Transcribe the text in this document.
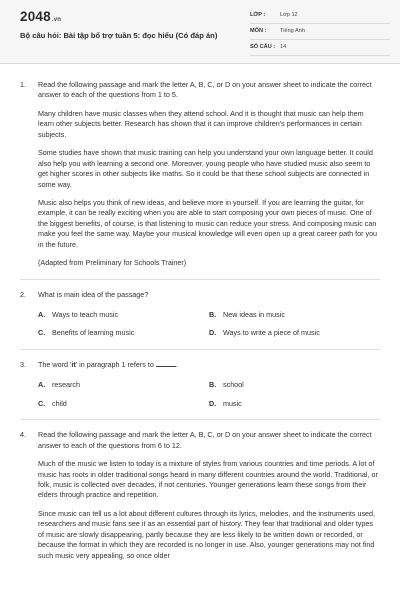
2048.vn
Bộ câu hỏi: Bài tập bổ trợ tuần 5: đọc hiểu (Có đáp án)
LỚP :	Lớp 12
MÔN :	Tiếng Anh
SỐ CÂU : 14
1.	Read the following passage and mark the letter A, B, C, or D on your answer sheet to indicate the correct answer to each of the questions from 1 to 5.
Many children have music classes when they attend school. And it is thought that music can help them learn other subjects better. Research has shown that it can improve children's performances in certain subjects.
Some studies have shown that music training can help you understand your own language better. It could also help you with learning a second one. Moreover, young people who have studied music also seem to get higher scores in other subjects like maths. So it could be that these school subjects are connected in some way.
Music also helps you think of new ideas, and believe more in yourself. If you are learning the guitar, for example, it can be really exciting when you are able to start composing your own pieces of music. One of the biggest benefits, of course, is that listening to music can reduce your stress. And composing music can make you feel the same way. Maybe your musical knowledge will even open up a great career path for you in the future.
(Adapted from Preliminary for Schools Trainer)
2.	What is main idea of the passage?
A. Ways to teach music	B. New ideas in music
C. Benefits of learning music	D. Ways to write a piece of music
3.	The word 'it' in paragraph 1 refers to	.
A. research	B. school
C. child	D. music
4.	Read the following passage and mark the letter A, B, C, or D on your answer sheet to indicate the correct answer to each of the questions from 6 to 12.
Much of the music we listen to today is a mixture of styles from various countries and time periods. A lot of music has roots in older traditional songs heard in many different countries around the world. Traditional, or folk, music is collected over decades, if not centuries. Younger generations learn these songs from their elders through practice and repetition.
Since music can tell us a lot about different cultures through its lyrics, melodies, and the instruments used, researchers and music fans see it as an essential part of history. They fear that traditional and older types of music are slowly disappearing, partly because they are less likely to be written down or recorded, or because the format in which they are recorded is no longer in use. Also, younger generations may not find such music very appealing, so once older
